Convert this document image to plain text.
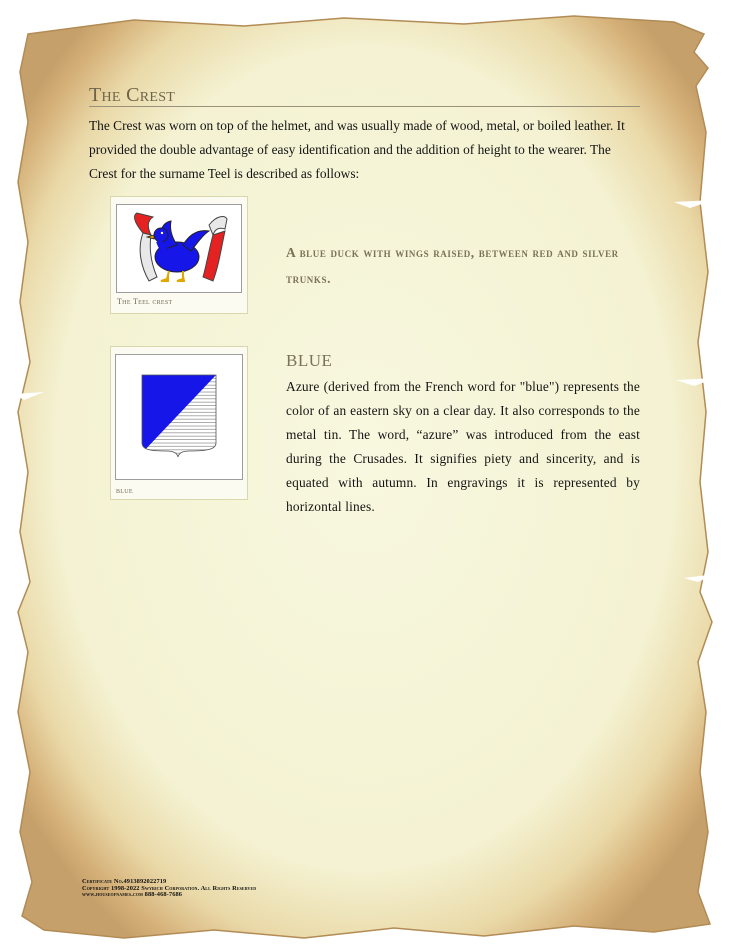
The Crest
The Crest was worn on top of the helmet, and was usually made of wood, metal, or boiled leather. It provided the double advantage of easy identification and the addition of height to the wearer. The Crest for the surname Teel is described as follows:
The Teel crest
A blue duck with wings raised, between red and silver trunks.
blue
BLUE
Azure (derived from the French word for "blue") represents the color of an eastern sky on a clear day. It also corresponds to the metal tin. The word, “azure” was introduced from the east during the Crusades. It signifies piety and sincerity, and is equated with autumn. In engravings it is represented by horizontal lines.
Certificate No.4913892022719
Copyright 1998-2022 Swyrich Corporation. All Rights Reserved
www.houseofnames.com 888-468-7686
